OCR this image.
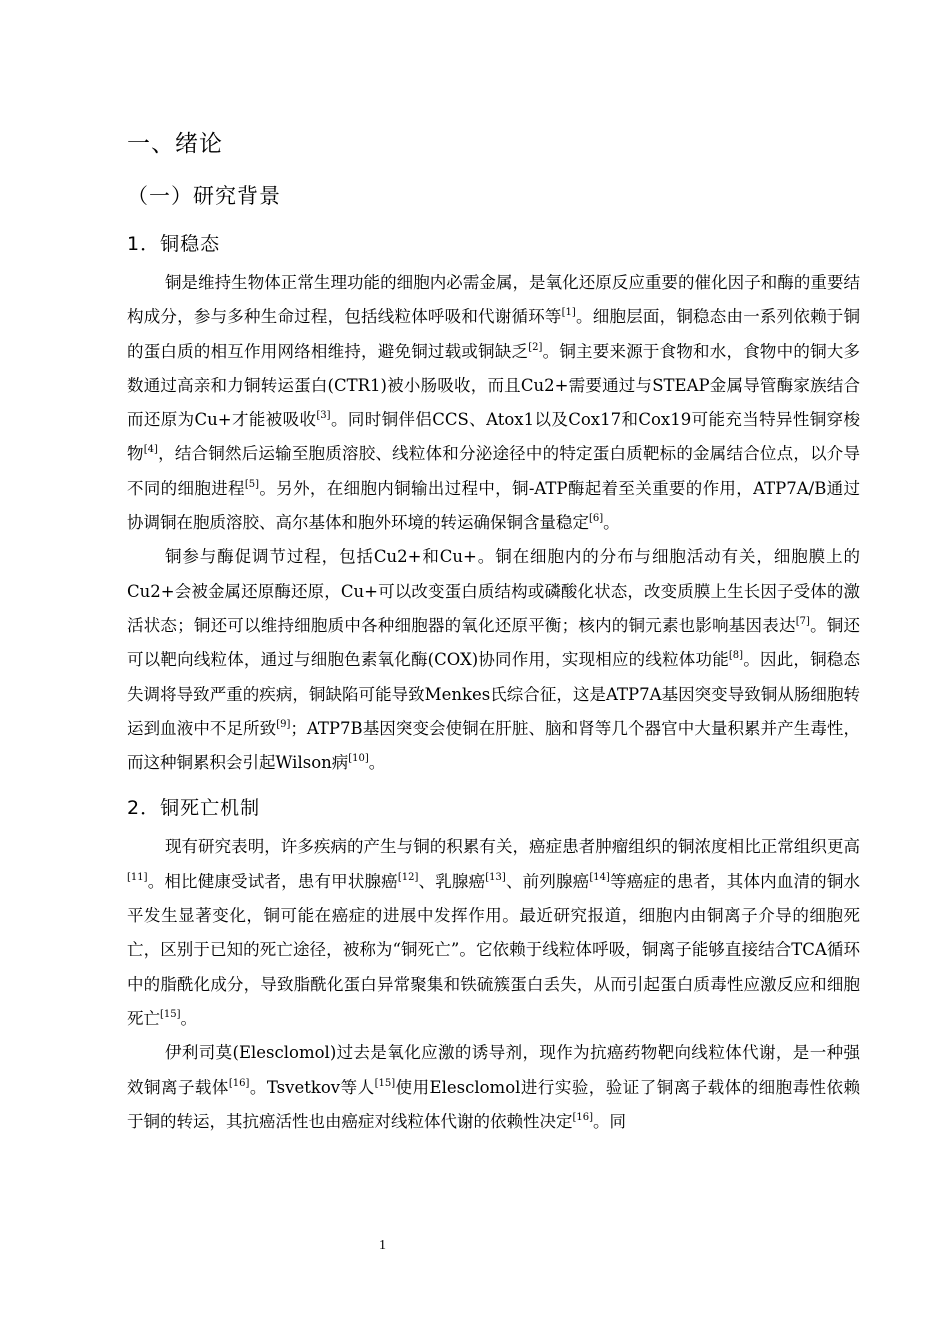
一、绪论
（一）研究背景
1．铜稳态

铜是维持生物体正常生理功能的细胞内必需金属，是氧化还原反应重要的催化因子和酶的重要结构成分，参与多种生命过程，包括线粒体呼吸和代谢循环等[1]。细胞层面，铜稳态由一系列依赖于铜的蛋白质的相互作用网络相维持，避免铜过载或铜缺乏[2]。铜主要来源于食物和水，食物中的铜大多数通过高亲和力铜转运蛋白(CTR1)被小肠吸收，而且Cu2+需要通过与STEAP金属导管酶家族结合而还原为Cu+才能被吸收[3]。同时铜伴侣CCS、Atox1以及Cox17和Cox19可能充当特异性铜穿梭物[4]，结合铜然后运输至胞质溶胶、线粒体和分泌途径中的特定蛋白质靶标的金属结合位点，以介导不同的细胞进程[5]。另外，在细胞内铜输出过程中，铜-ATP酶起着至关重要的作用，ATP7A/B通过协调铜在胞质溶胶、高尔基体和胞外环境的转运确保铜含量稳定[6]。

铜参与酶促调节过程，包括Cu2+和Cu+。铜在细胞内的分布与细胞活动有关，细胞膜上的Cu2+会被金属还原酶还原，Cu+可以改变蛋白质结构或磷酸化状态，改变质膜上生长因子受体的激活状态；铜还可以维持细胞质中各种细胞器的氧化还原平衡；核内的铜元素也影响基因表达[7]。铜还可以靶向线粒体，通过与细胞色素氧化酶(COX)协同作用，实现相应的线粒体功能[8]。因此，铜稳态失调将导致严重的疾病，铜缺陷可能导致Menkes氏综合征，这是ATP7A基因突变导致铜从肠细胞转运到血液中不足所致[9]；ATP7B基因突变会使铜在肝脏、脑和肾等几个器官中大量积累并产生毒性，而这种铜累积会引起Wilson病[10]。

2．铜死亡机制

现有研究表明，许多疾病的产生与铜的积累有关，癌症患者肿瘤组织的铜浓度相比正常组织更高[11]。相比健康受试者，患有甲状腺癌[12]、乳腺癌[13]、前列腺癌[14]等癌症的患者，其体内血清的铜水平发生显著变化，铜可能在癌症的进展中发挥作用。最近研究报道，细胞内由铜离子介导的细胞死亡，区别于已知的死亡途径，被称为“铜死亡”。它依赖于线粒体呼吸，铜离子能够直接结合TCA循环中的脂酰化成分，导致脂酰化蛋白异常聚集和铁硫簇蛋白丢失，从而引起蛋白质毒性应激反应和细胞死亡[15]。

伊利司莫(Elesclomol)过去是氧化应激的诱导剂，现作为抗癌药物靶向线粒体代谢，是一种强效铜离子载体[16]。Tsvetkov等人[15]使用Elesclomol进行实验，验证了铜离子载体的细胞毒性依赖于铜的转运，其抗癌活性也由癌症对线粒体代谢的依赖性决定[16]。同

1
